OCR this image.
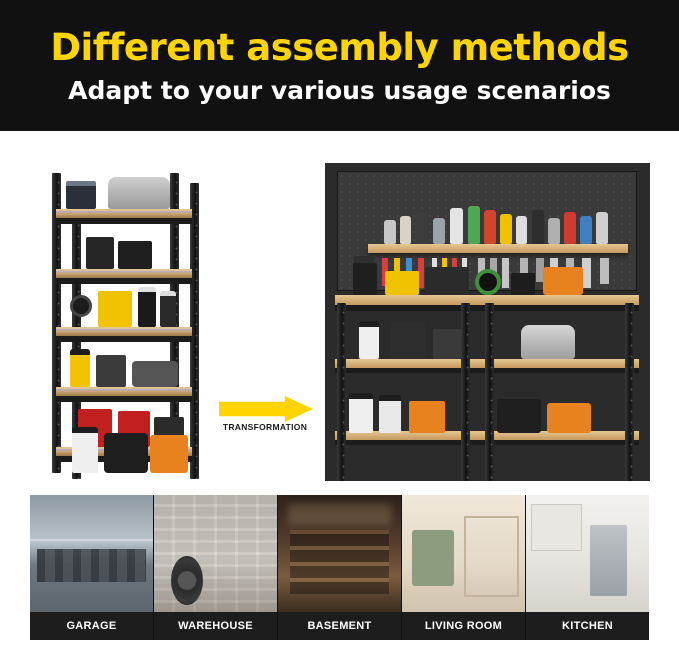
Different assembly methods
Adapt to your various usage scenarios
TRANSFORMATION
GARAGE	WAREHOUSE	BASEMENT	LIVING ROOM	KITCHEN
